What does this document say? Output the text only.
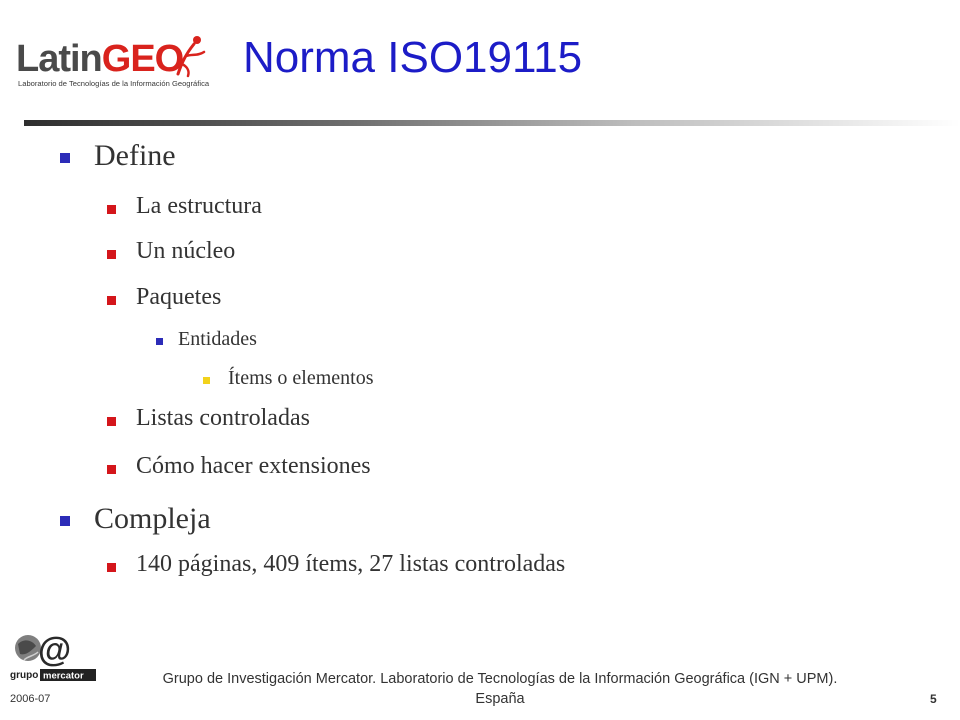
LatinGEO
Laboratorio de Tecnologías de la Información Geográfica
Norma ISO19115
Define
La estructura
Un núcleo
Paquetes
Entidades
Ítems o elementos
Listas controladas
Cómo hacer extensiones
Compleja
140 páginas, 409 ítems, 27 listas controladas
@
grupo mercator	Grupo de Investigación Mercator. Laboratorio de Tecnologías de la Información Geográfica (IGN + UPM).
España
2006-07	5
